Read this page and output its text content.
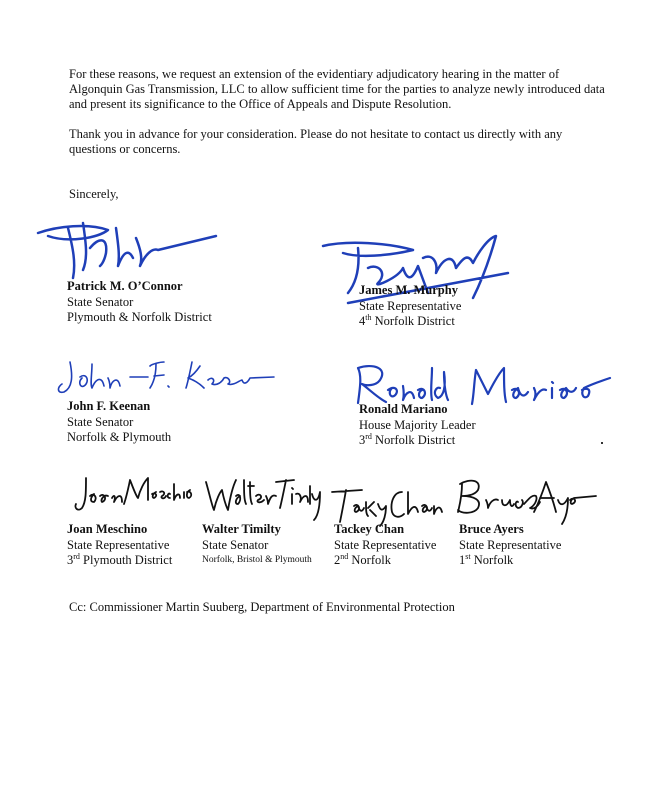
For these reasons, we request an extension of the evidentiary adjudicatory hearing in the matter of Algonquin Gas Transmission, LLC to allow sufficient time for the parties to analyze newly introduced data and present its significance to the Office of Appeals and Dispute Resolution.

Thank you in advance for your consideration. Please do not hesitate to contact us directly with any questions or concerns.

Sincerely,

Patrick M. O’Connor
State Senator
Plymouth & Norfolk District
James M. Murphy
State Representative
4th Norfolk District
John F. Keenan
State Senator
Norfolk & Plymouth
Ronald Mariano
House Majority Leader
3rd Norfolk District
Joan Meschino
State Representative
3rd Plymouth District
Walter Timilty
State Senator
Norfolk, Bristol & Plymouth
Tackey Chan
State Representative
2nd Norfolk
Bruce Ayers
State Representative
1st Norfolk
Cc: Commissioner Martin Suuberg, Department of Environmental Protection
